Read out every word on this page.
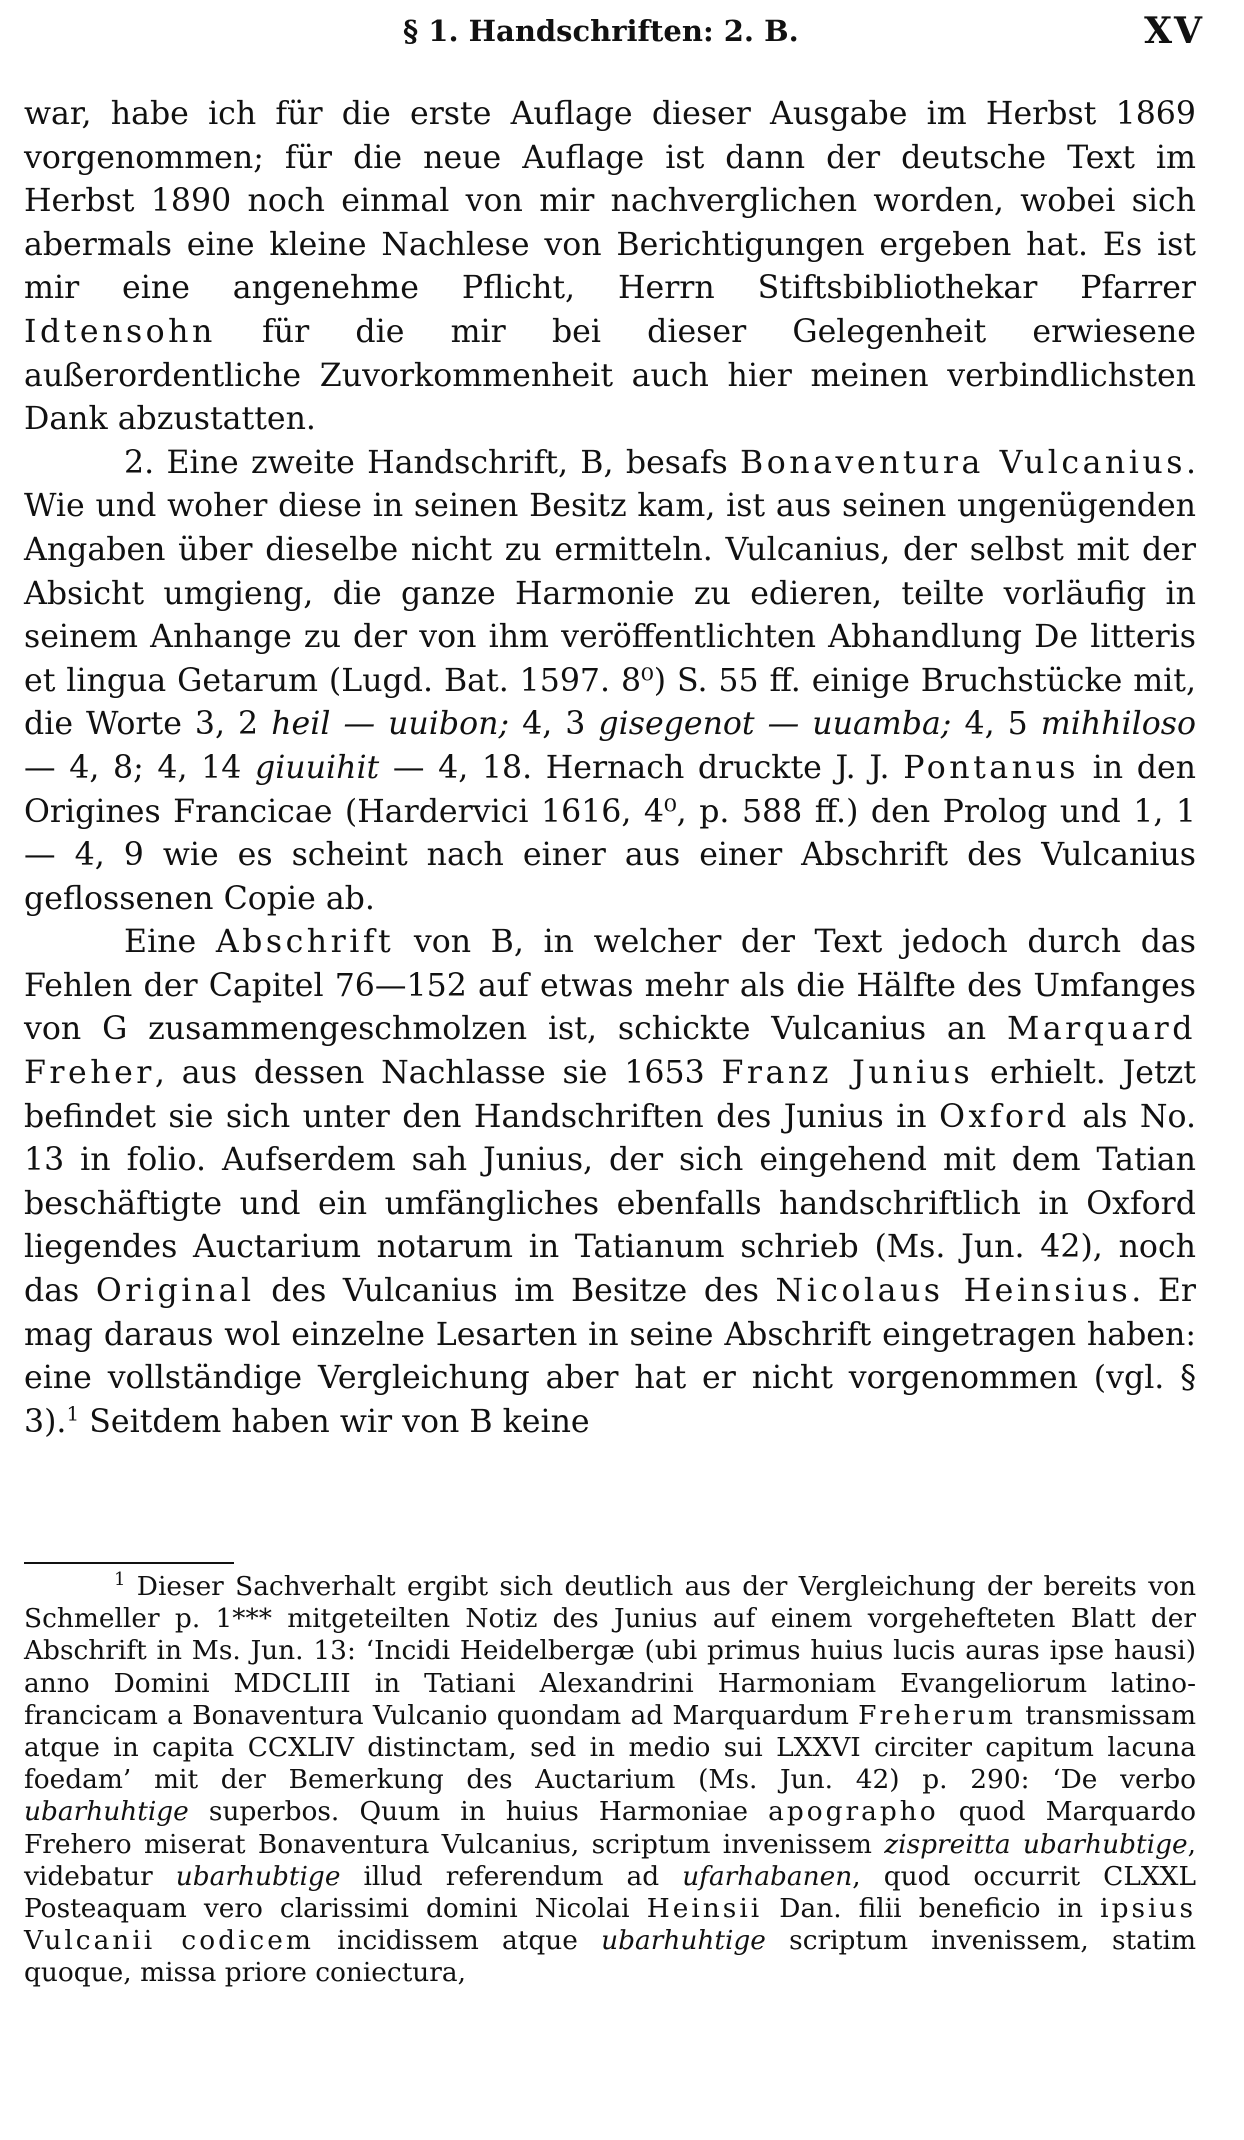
§ 1. Handschriften: 2. B.	XV

war, habe ich für die erste Auflage dieser Ausgabe im Herbst 1869 vorgenommen; für die neue Auflage ist dann der deutsche Text im Herbst 1890 noch einmal von mir nachverglichen worden, wobei sich abermals eine kleine Nachlese von Berichtigungen ergeben hat. Es ist mir eine angenehme Pflicht, Herrn Stiftsbibliothekar Pfarrer Idtensohn für die mir bei dieser Gelegenheit erwiesene außerordentliche Zuvorkommenheit auch hier meinen verbindlichsten Dank abzustatten.

2. Eine zweite Handschrift, B, besafs Bonaventura Vulcanius. Wie und woher diese in seinen Besitz kam, ist aus seinen ungenügenden Angaben über dieselbe nicht zu ermitteln. Vulcanius, der selbst mit der Absicht umgieng, die ganze Harmonie zu edieren, teilte vorläufig in seinem Anhange zu der von ihm veröffentlichten Abhandlung De litteris et lingua Getarum (Lugd. Bat. 1597. 8⁰) S. 55 ff. einige Bruchstücke mit, die Worte 3, 2 heil — uuibon; 4, 3 gisegenot — uuamba; 4, 5 mihhiloso — 4, 8; 4, 14 giuuihit — 4, 18. Hernach druckte J. J. Pontanus in den Origines Francicae (Hardervici 1616, 4⁰, p. 588 ff.) den Prolog und 1, 1 — 4, 9 wie es scheint nach einer aus einer Abschrift des Vulcanius geflossenen Copie ab.

Eine Abschrift von B, in welcher der Text jedoch durch das Fehlen der Capitel 76—152 auf etwas mehr als die Hälfte des Umfanges von G zusammengeschmolzen ist, schickte Vulcanius an Marquard Freher, aus dessen Nachlasse sie 1653 Franz Junius erhielt. Jetzt befindet sie sich unter den Handschriften des Junius in Oxford als No. 13 in folio. Aufserdem sah Junius, der sich eingehend mit dem Tatian beschäftigte und ein umfängliches ebenfalls handschriftlich in Oxford liegendes Auctarium notarum in Tatianum schrieb (Ms. Jun. 42), noch das Original des Vulcanius im Besitze des Nicolaus Heinsius. Er mag daraus wol einzelne Lesarten in seine Abschrift eingetragen haben: eine vollständige Vergleichung aber hat er nicht vorgenommen (vgl. § 3).$^1$ Seitdem haben wir von B keine

$^1$ Dieser Sachverhalt ergibt sich deutlich aus der Vergleichung der bereits von Schmeller p. 1*** mitgeteilten Notiz des Junius auf einem vorgehefteten Blatt der Abschrift in Ms. Jun. 13: ‘Incidi Heidelbergæ (ubi primus huius lucis auras ipse hausi) anno Domini MDCLIII in Tatiani Alexandrini Harmoniam Evangeliorum latino-francicam a Bonaventura Vulcanio quondam ad Marquardum Freherum transmissam atque in capita CCXLIV distinctam, sed in medio sui LXXVI circiter capitum lacuna foedam’ mit der Bemerkung des Auctarium (Ms. Jun. 42) p. 290: ‘De verbo ubarhuhtige superbos. Quum in huius Harmoniae apographo quod Marquardo Frehero miserat Bonaventura Vulcanius, scriptum invenissem zispreitta ubarhubtige, videbatur ubarhubtige illud referendum ad ufarhabanen, quod occurrit CLXXL Posteaquam vero clarissimi domini Nicolai Heinsii Dan. filii beneficio in ipsius Vulcanii codicem incidissem atque ubarhuhtige scriptum invenissem, statim quoque, missa priore coniectura,
